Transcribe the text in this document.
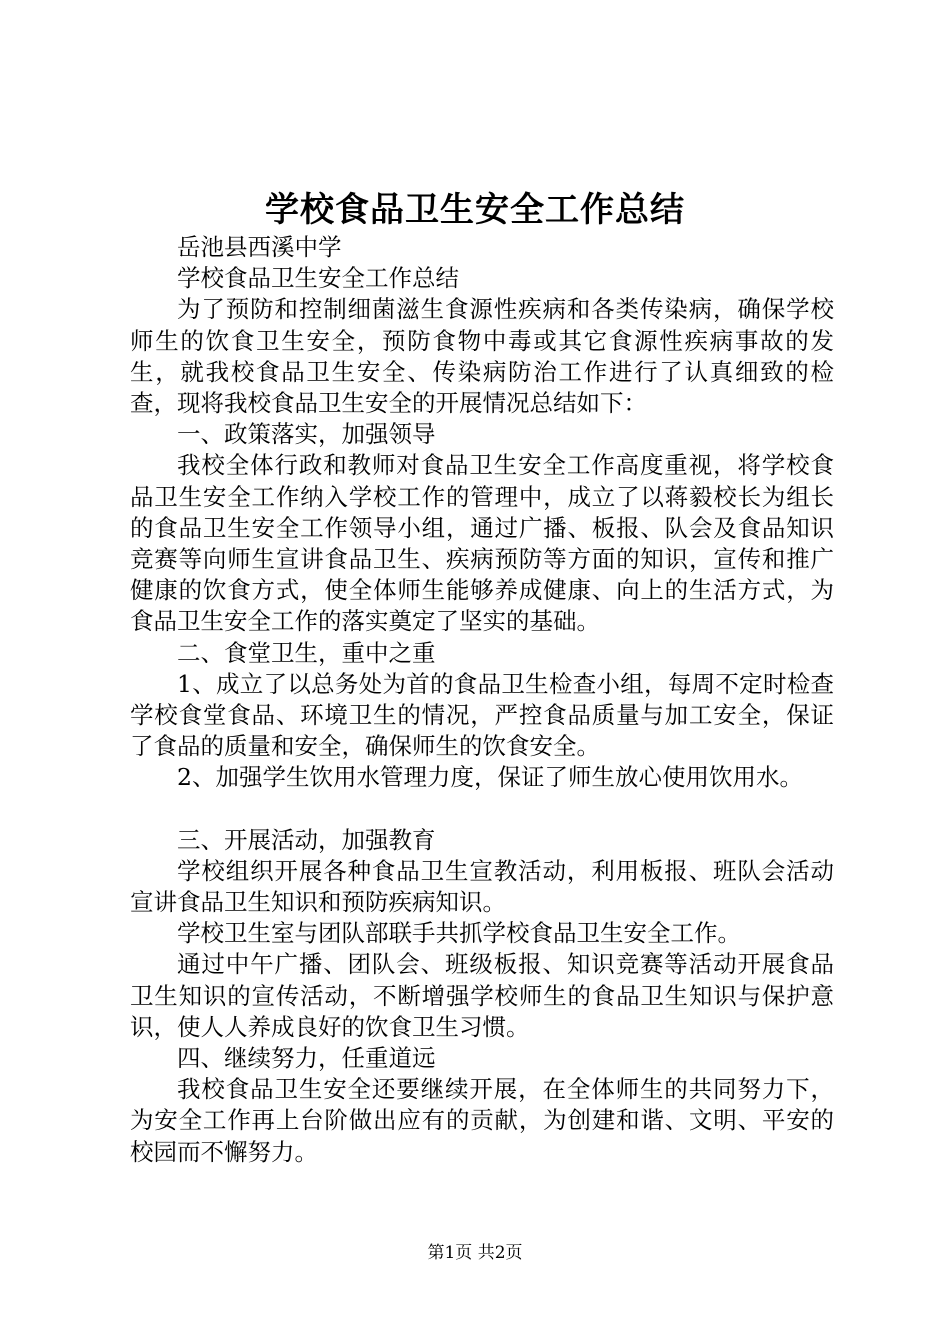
学校食品卫生安全工作总结

岳池县西溪中学

学校食品卫生安全工作总结

为了预防和控制细菌滋生食源性疾病和各类传染病，确保学校师生的饮食卫生安全，预防食物中毒或其它食源性疾病事故的发生，就我校食品卫生安全、传染病防治工作进行了认真细致的检查，现将我校食品卫生安全的开展情况总结如下：

一、政策落实，加强领导

我校全体行政和教师对食品卫生安全工作高度重视，将学校食品卫生安全工作纳入学校工作的管理中，成立了以蒋毅校长为组长的食品卫生安全工作领导小组，通过广播、板报、队会及食品知识竞赛等向师生宣讲食品卫生、疾病预防等方面的知识，宣传和推广健康的饮食方式，使全体师生能够养成健康、向上的生活方式，为食品卫生安全工作的落实奠定了坚实的基础。

二、食堂卫生，重中之重

1、成立了以总务处为首的食品卫生检查小组，每周不定时检查学校食堂食品、环境卫生的情况，严控食品质量与加工安全，保证了食品的质量和安全，确保师生的饮食安全。

2、加强学生饮用水管理力度，保证了师生放心使用饮用水。

三、开展活动，加强教育

学校组织开展各种食品卫生宣教活动，利用板报、班队会活动宣讲食品卫生知识和预防疾病知识。

学校卫生室与团队部联手共抓学校食品卫生安全工作。

通过中午广播、团队会、班级板报、知识竞赛等活动开展食品卫生知识的宣传活动，不断增强学校师生的食品卫生知识与保护意识，使人人养成良好的饮食卫生习惯。

四、继续努力，任重道远

我校食品卫生安全还要继续开展，在全体师生的共同努力下，为安全工作再上台阶做出应有的贡献，为创建和谐、文明、平安的校园而不懈努力。

第1页 共2页
